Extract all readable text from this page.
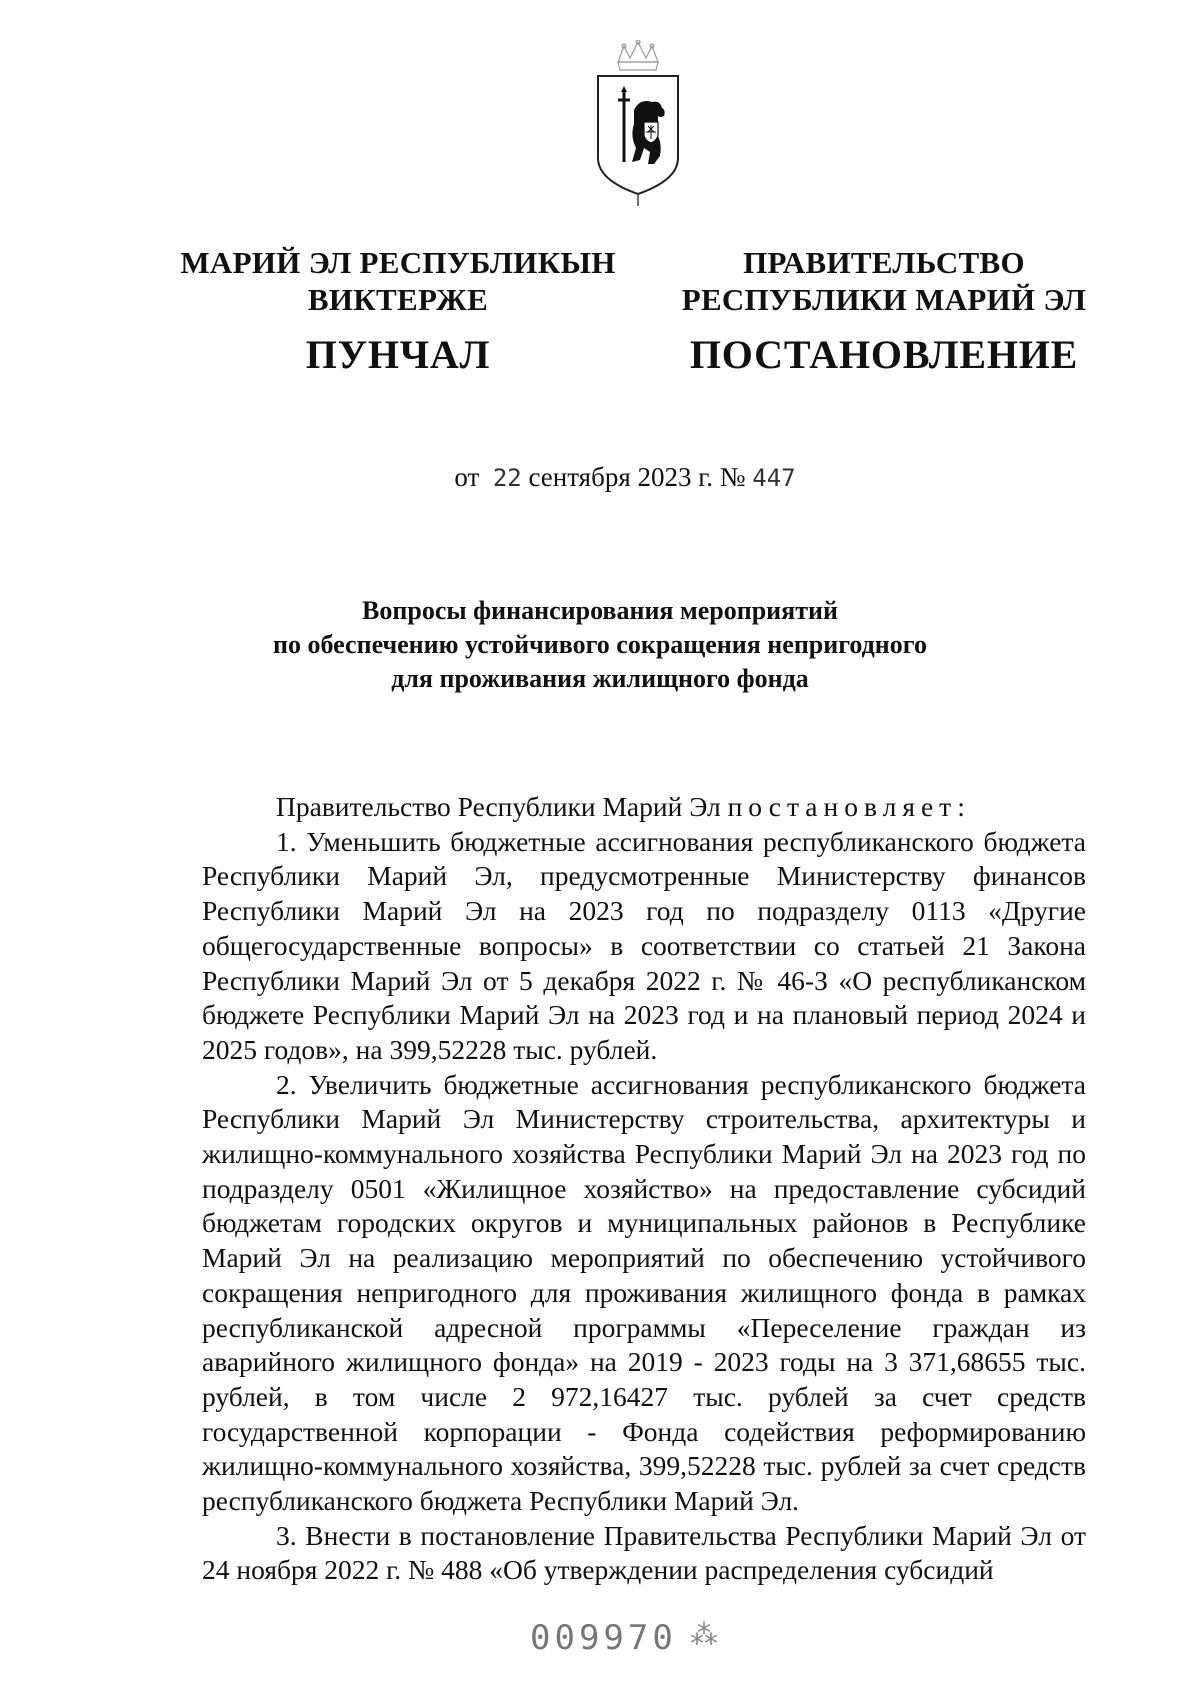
МАРИЙ ЭЛ РЕСПУБЛИКЫН
ВИКТЕРЖЕ
ПУНЧАЛ
ПРАВИТЕЛЬСТВО
РЕСПУБЛИКИ МАРИЙ ЭЛ
ПОСТАНОВЛЕНИЕ
от 22 сентября 2023 г. № 447
Вопросы финансирования мероприятий
по обеспечению устойчивого сокращения непригодного
для проживания жилищного фонда

Правительство Республики Марий Эл постановляет:

1. Уменьшить бюджетные ассигнования республиканского бюджета Республики Марий Эл, предусмотренные Министерству финансов Республики Марий Эл на 2023 год по подразделу 0113 «Другие общегосударственные вопросы» в соответствии со статьей 21 Закона Республики Марий Эл от 5 декабря 2022 г. № 46-З «О республиканском бюджете Республики Марий Эл на 2023 год и на плановый период 2024 и 2025 годов», на 399,52228 тыс. рублей.

2. Увеличить бюджетные ассигнования республиканского бюджета Республики Марий Эл Министерству строительства, архитектуры и жилищно-коммунального хозяйства Республики Марий Эл на 2023 год по подразделу 0501 «Жилищное хозяйство» на предоставление субсидий бюджетам городских округов и муниципальных районов в Республике Марий Эл на реализацию мероприятий по обеспечению устойчивого сокращения непригодного для проживания жилищного фонда в рамках республиканской адресной программы «Переселение граждан из аварийного жилищного фонда» на 2019 - 2023 годы на 3 371,68655 тыс. рублей, в том числе 2 972,16427 тыс. рублей за счет средств государственной корпорации - Фонда содействия реформированию жилищно-коммунального хозяйства, 399,52228 тыс. рублей за счет средств республиканского бюджета Республики Марий Эл.

3. Внести в постановление Правительства Республики Марий Эл от 24 ноября 2022 г. № 488 «Об утверждении распределения субсидий

009970 ⁂
